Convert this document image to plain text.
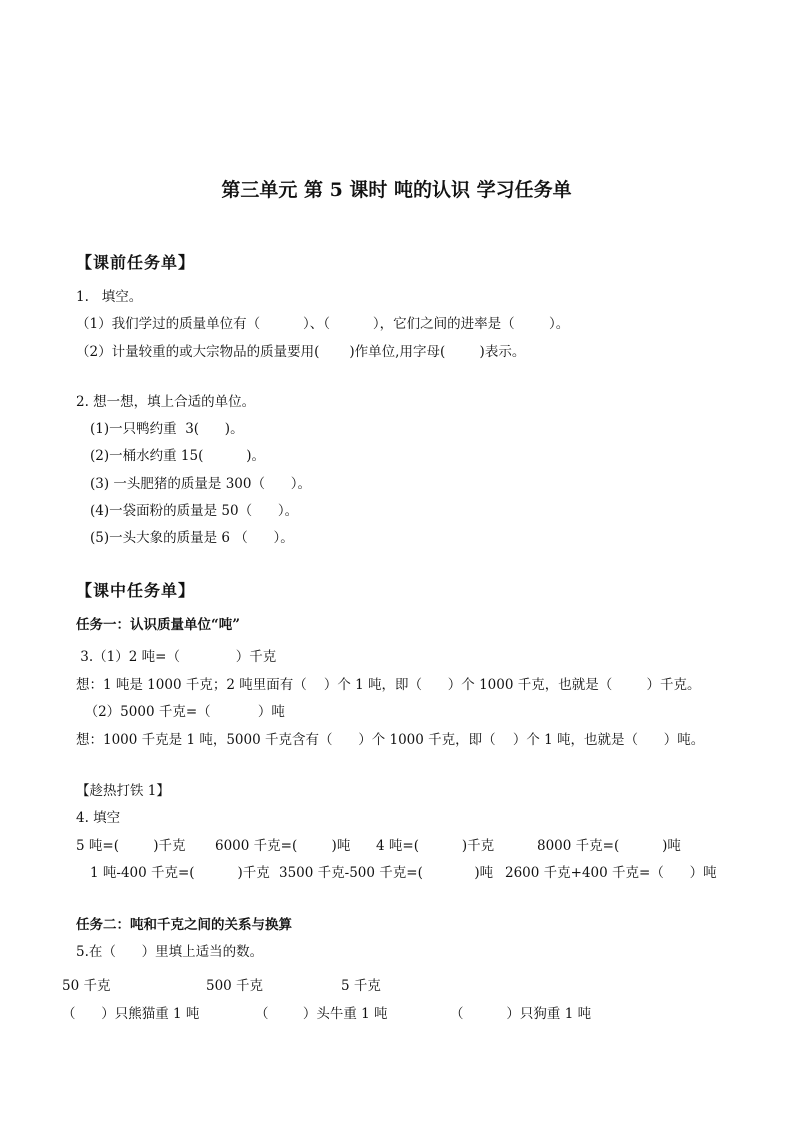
第三单元 第 5 课时 吨的认识 学习任务单
【课前任务单】
1.   填空。
（1）我们学过的质量单位有（          ）、（          ），它们之间的进率是（        ）。
（2）计量较重的或大宗物品的质量要用(       )作单位,用字母(        )表示。
2. 想一想，填上合适的单位。
(1)一只鸭约重  3(      )。
(2)一桶水约重 15(          )。
(3) 一头肥猪的质量是 300（      ）。
(4)一袋面粉的质量是 50（      ）。
(5)一头大象的质量是 6 （      ）。
【课中任务单】
任务一：认识质量单位“吨”
3.（1）2 吨=（             ）千克
想：1 吨是 1000 千克；2 吨里面有（    ）个 1 吨，即（      ）个 1000 千克，也就是（        ）千克。
（2）5000 千克=（           ）吨
想：1000 千克是 1 吨，5000 千克含有（      ）个 1000 千克，即（    ）个 1 吨，也就是（      ）吨。
【趁热打铁 1】
4. 填空
5 吨=(        )千克 6000 千克=(        )吨 4 吨=(          )千克	8000 千克=(          )吨
1 吨-400 千克=(          )千克 3500 千克-500 千克=(            )吨 2600 千克+400 千克=（      ）吨
任务二：吨和千克之间的关系与换算
5.在（      ）里填上适当的数。
50 千克	500 千克	5 千克
（      ）只熊猫重 1 吨	（        ）头牛重 1 吨	（          ）只狗重 1 吨
